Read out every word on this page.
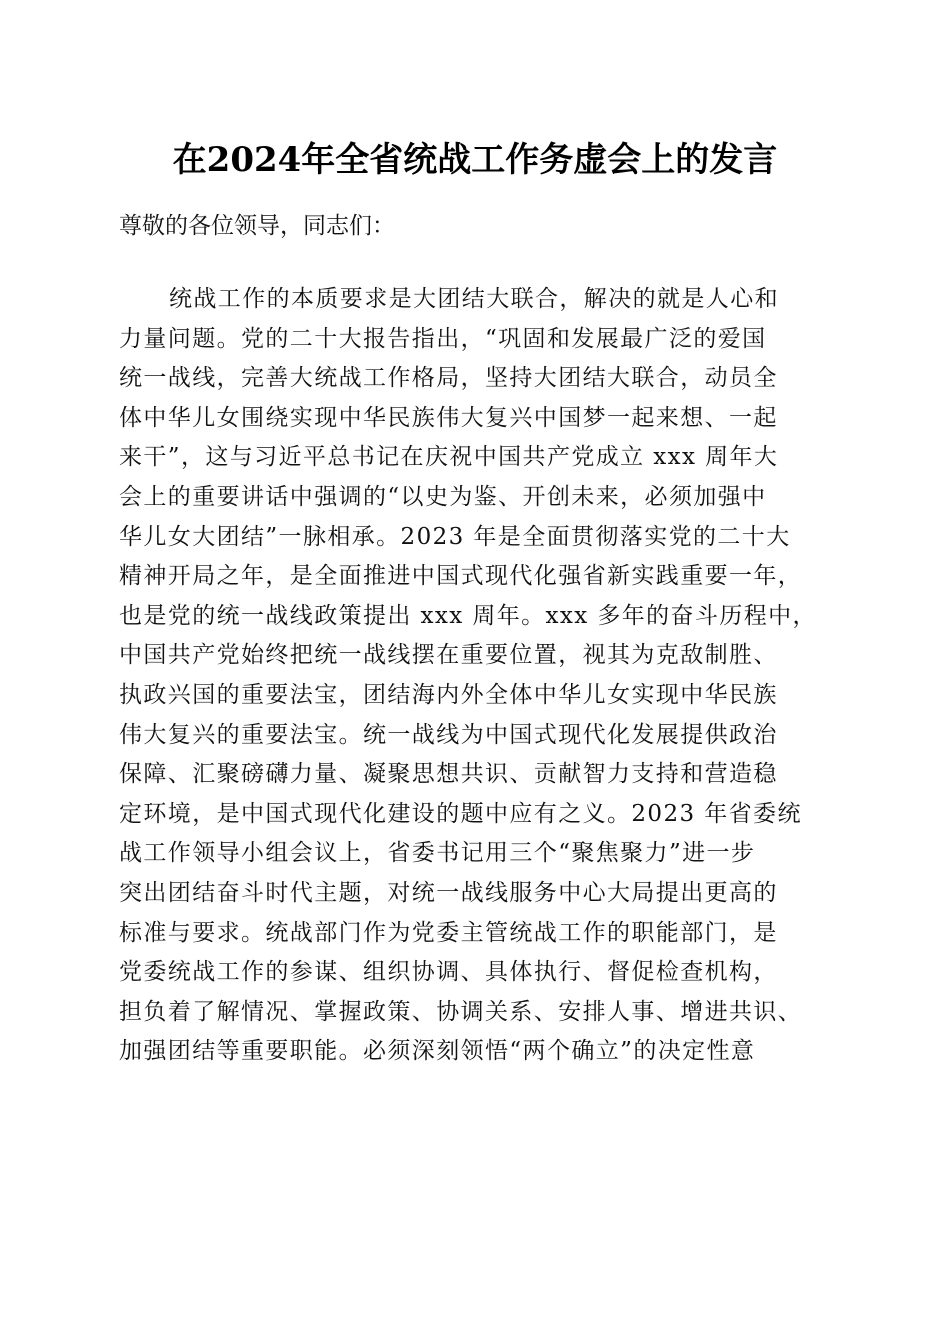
在2024年全省统战工作务虚会上的发言
尊敬的各位领导，同志们：
统战工作的本质要求是大团结大联合，解决的就是人心和
力量问题。党的二十大报告指出，“巩固和发展最广泛的爱国
统一战线，完善大统战工作格局，坚持大团结大联合，动员全
体中华儿女围绕实现中华民族伟大复兴中国梦一起来想、一起
来干”，这与习近平总书记在庆祝中国共产党成立 xxx 周年大
会上的重要讲话中强调的“以史为鉴、开创未来，必须加强中
华儿女大团结”一脉相承。2023 年是全面贯彻落实党的二十大
精神开局之年，是全面推进中国式现代化强省新实践重要一年，
也是党的统一战线政策提出 xxx 周年。xxx 多年的奋斗历程中，
中国共产党始终把统一战线摆在重要位置，视其为克敌制胜、
执政兴国的重要法宝，团结海内外全体中华儿女实现中华民族
伟大复兴的重要法宝。统一战线为中国式现代化发展提供政治
保障、汇聚磅礴力量、凝聚思想共识、贡献智力支持和营造稳
定环境，是中国式现代化建设的题中应有之义。2023 年省委统
战工作领导小组会议上，省委书记用三个“聚焦聚力”进一步
突出团结奋斗时代主题，对统一战线服务中心大局提出更高的
标准与要求。统战部门作为党委主管统战工作的职能部门，是
党委统战工作的参谋、组织协调、具体执行、督促检查机构，
担负着了解情况、掌握政策、协调关系、安排人事、增进共识、
加强团结等重要职能。必须深刻领悟“两个确立”的决定性意
